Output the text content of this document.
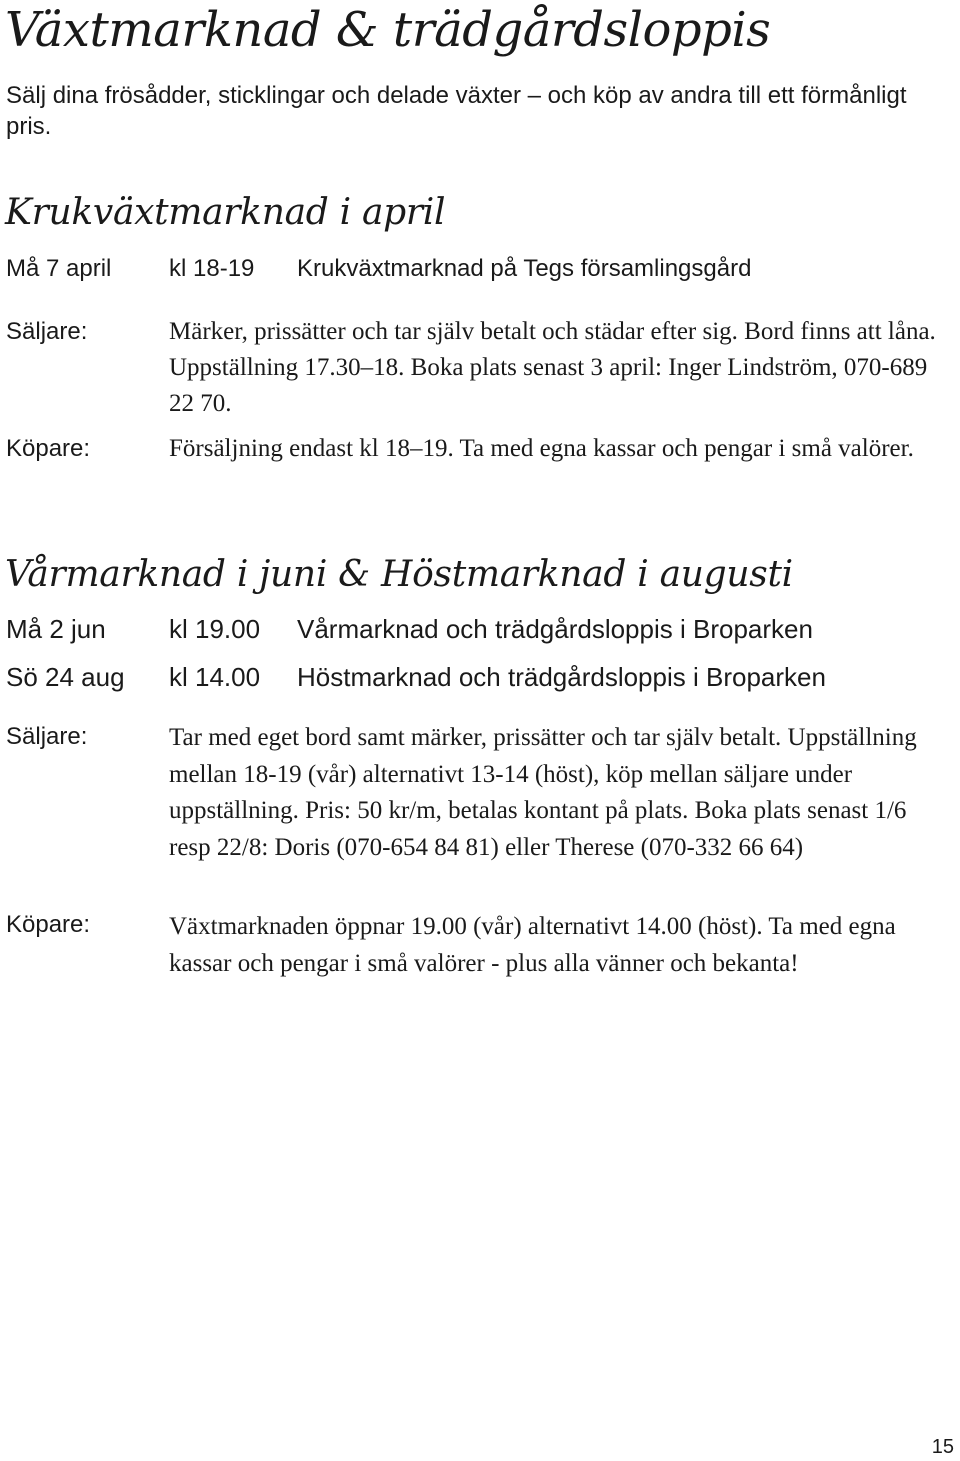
Växtmarknad & trädgårdsloppis

Sälj dina frösådder, sticklingar och delade växter – och köp av andra till ett förmånligt pris.

Krukväxtmarknad i april

Må 7 april kl 18-19 Krukväxtmarknad på Tegs församlingsgård

Säljare:	Märker, prissätter och tar själv betalt och städar efter sig. Bord finns att låna. Uppställning 17.30–18. Boka plats senast 3 april: Inger Lindström, 070-689 22 70.

Köpare:	Försäljning endast kl 18–19. Ta med egna kassar och pengar i små valörer.

Vårmarknad i juni & Höstmarknad i augusti

Må 2 jun kl 19.00 Vårmarknad och trädgårdsloppis i Broparken

Sö 24 aug kl 14.00 Höstmarknad och trädgårdsloppis i Broparken

Säljare:	Tar med eget bord samt märker, prissätter och tar själv betalt. Uppställning mellan 18-19 (vår) alternativt 13-14 (höst), köp mellan säljare under uppställning. Pris: 50 kr/m, betalas kontant på plats. Boka plats senast 1/6 resp 22/8: Doris (070-654 84 81) eller Therese (070-332 66 64)

Köpare:	Växtmarknaden öppnar 19.00 (vår) alternativt 14.00 (höst). Ta med egna kassar och pengar i små valörer - plus alla vänner och bekanta!

15
